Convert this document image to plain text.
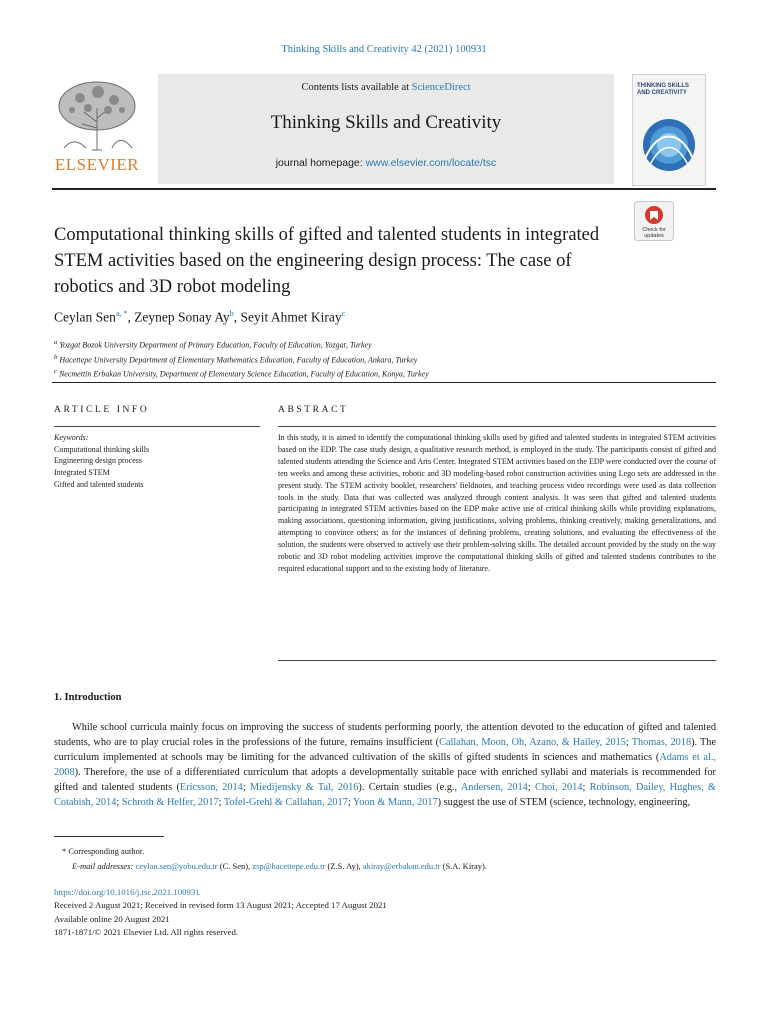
Thinking Skills and Creativity 42 (2021) 100931
ELSEVIER
Contents lists available at ScienceDirect
Thinking Skills and Creativity
journal homepage: www.elsevier.com/locate/tsc
THINKING SKILLS AND CREATIVITY
Computational thinking skills of gifted and talented students in integrated STEM activities based on the engineering design process: The case of robotics and 3D robot modeling
Check for
updates
Ceylan Sen$^{a, *}$, Zeynep Sonay Ay$^b$, Seyit Ahmet Kiray$^c$
$^a$ Yozgat Bozok University Department of Primary Education, Faculty of Education, Yozgat, Turkey
$^b$ Hacettepe University Department of Elementary Mathematics Education, Faculty of Education, Ankara, Turkey
$^c$ Necmettin Erbakan University, Department of Elementary Science Education, Faculty of Education, Konya, Turkey
ARTICLE INFO	ABSTRACT
Keywords:
Computational thinking skills
Engineering design process
Integrated STEM
Gifted and talented students
In this study, it is aimed to identify the computational thinking skills used by gifted and talented students in integrated STEM activities based on the EDP. The case study design, a qualitative research method, is employed in the study. The participants consist of gifted and talented students attending the Science and Arts Center. Integrated STEM activities based on the EDP were conducted over the course of ten weeks and among these activities, robotic and 3D modeling-based robot construction activities using Lego sets are addressed in the present study. The STEM activity booklet, researchers' fieldnotes, and teaching process video recordings were used as data collection tools in the study. Data that was collected was analyzed through content analysis. It was seen that gifted and talented students participating in integrated STEM activities based on the EDP make active use of critical thinking skills while providing explanations, making associations, questioning information, giving justifications, solving problems, thinking creatively, making generalizations, and attempting to convince others; as for the instances of defining problems, creating solutions, and evaluating the effectiveness of the solution, the students were observed to actively use their problem-solving skills. The detailed account provided by the study on the way robotic and 3D robot modeling activities improve the computational thinking skills of gifted and talented students contributes to the required educational support and to the existing body of literature.
1. Introduction
While school curricula mainly focus on improving the success of students performing poorly, the attention devoted to the education of gifted and talented students, who are to play crucial roles in the professions of the future, remains insufficient (Callahan, Moon, Oh, Azano, & Hailey, 2015; Thomas, 2018). The curriculum implemented at schools may be limiting for the advanced cultivation of the skills of gifted students in sciences and mathematics (Adams et al., 2008). Therefore, the use of a differentiated curriculum that adopts a developmentally suitable pace with enriched syllabi and materials is recommended for gifted and talented students (Ericsson, 2014; Miedijensky & Tal, 2016). Certain studies (e.g., Andersen, 2014; Choi, 2014; Robinson, Dailey, Hughes, & Cotabish, 2014; Schroth & Helfer, 2017; Tofel-Grehl & Callahan, 2017; Yoon & Mann, 2017) suggest the use of STEM (science, technology, engineering,
* Corresponding author.
E-mail addresses: ceylan.sen@yobu.edu.tr (C. Sen), zsp@hacettepe.edu.tr (Z.S. Ay), akiray@erbakan.edu.tr (S.A. Kiray).
https://doi.org/10.1016/j.tsc.2021.100931
Received 2 August 2021; Received in revised form 13 August 2021; Accepted 17 August 2021
Available online 20 August 2021
1871-1871/© 2021 Elsevier Ltd. All rights reserved.
